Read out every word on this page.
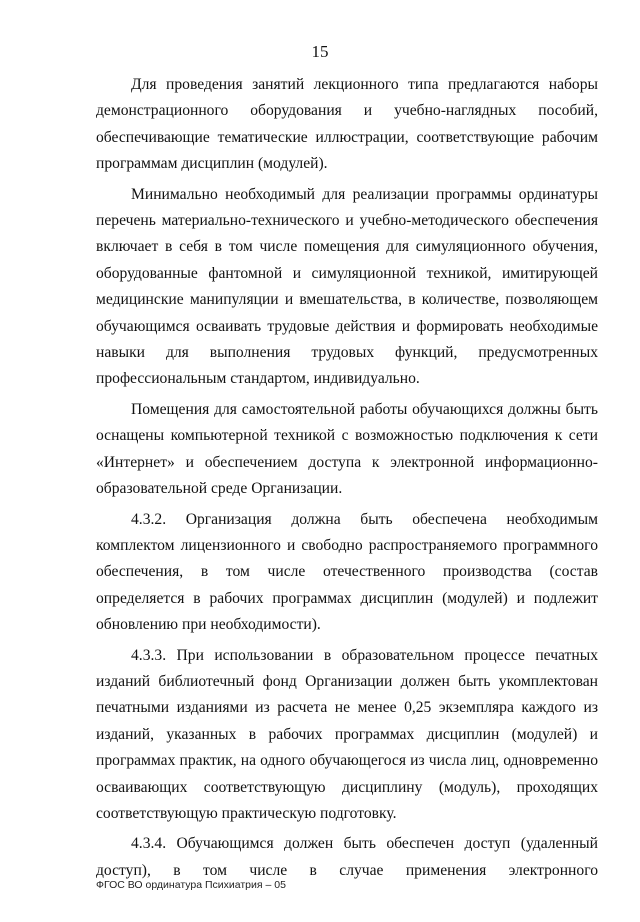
15

Для проведения занятий лекционного типа предлагаются наборы демонстрационного оборудования и учебно-наглядных пособий, обеспечивающие тематические иллюстрации, соответствующие рабочим программам дисциплин (модулей).

Минимально необходимый для реализации программы ординатуры перечень материально-технического и учебно-методического обеспечения включает в себя в том числе помещения для симуляционного обучения, оборудованные фантомной и симуляционной техникой, имитирующей медицинские манипуляции и вмешательства, в количестве, позволяющем обучающимся осваивать трудовые действия и формировать необходимые навыки для выполнения трудовых функций, предусмотренных профессиональным стандартом, индивидуально.

Помещения для самостоятельной работы обучающихся должны быть оснащены компьютерной техникой с возможностью подключения к сети «Интернет» и обеспечением доступа к электронной информационно-образовательной среде Организации.

4.3.2. Организация должна быть обеспечена необходимым комплектом лицензионного и свободно распространяемого программного обеспечения, в том числе отечественного производства (состав определяется в рабочих программах дисциплин (модулей) и подлежит обновлению при необходимости).

4.3.3. При использовании в образовательном процессе печатных изданий библиотечный фонд Организации должен быть укомплектован печатными изданиями из расчета не менее 0,25 экземпляра каждого из изданий, указанных в рабочих программах дисциплин (модулей) и программах практик, на одного обучающегося из числа лиц, одновременно осваивающих соответствующую дисциплину (модуль), проходящих соответствующую практическую подготовку.

4.3.4. Обучающимся должен быть обеспечен доступ (удаленный доступ), в том числе в случае применения электронного

ФГОС ВО ординатура Психиатрия – 05
